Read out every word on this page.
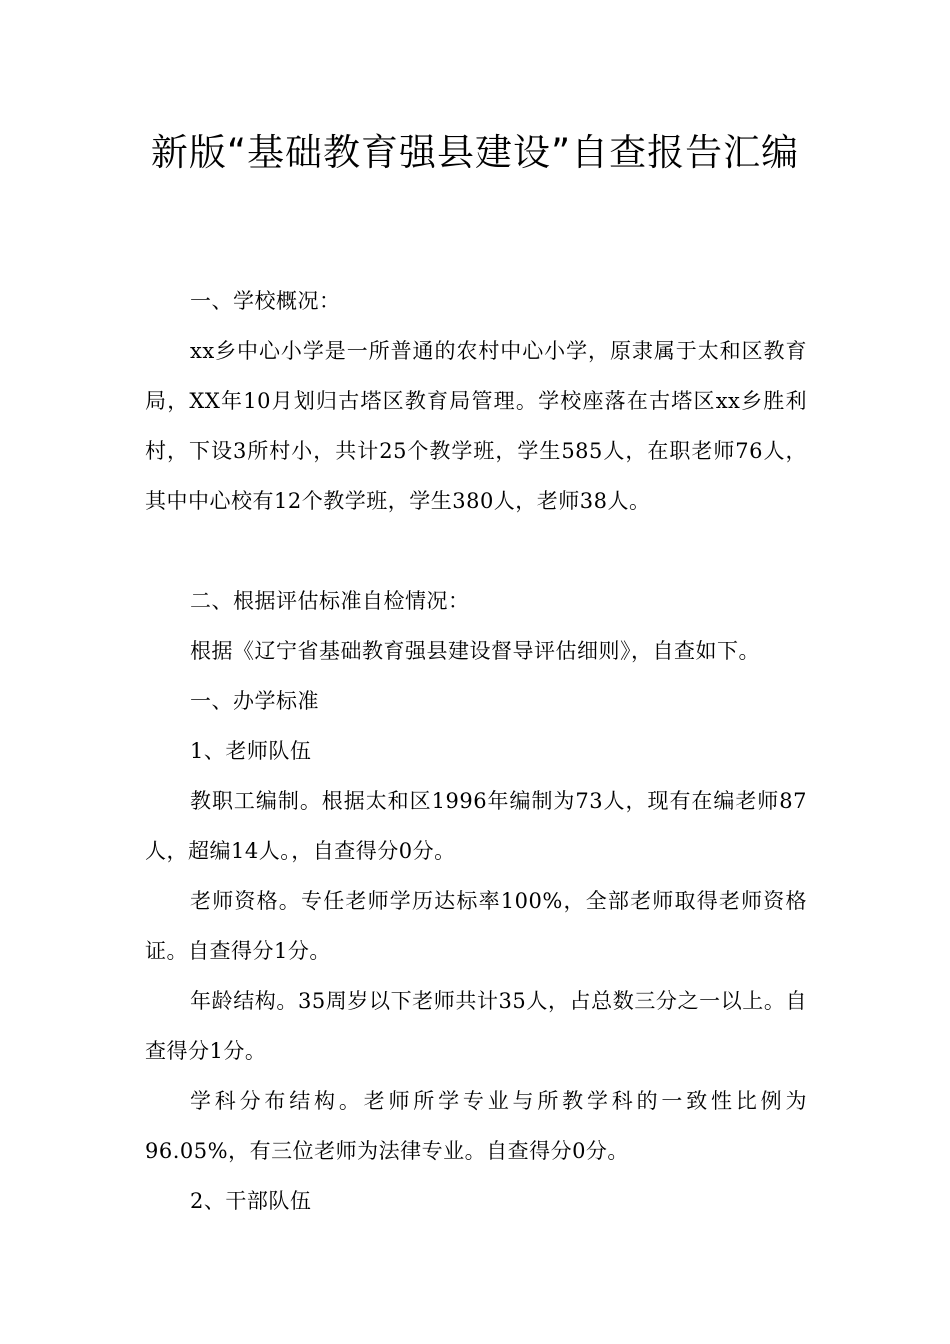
新版“基础教育强县建设”自查报告汇编

一、学校概况：

xx乡中心小学是一所普通的农村中心小学，原隶属于太和区教育局，XX年10月划归古塔区教育局管理。学校座落在古塔区xx乡胜利村，下设3所村小，共计25个教学班，学生585人，在职老师76人，其中中心校有12个教学班，学生380人，老师38人。

二、根据评估标准自检情况：

根据《辽宁省基础教育强县建设督导评估细则》，自查如下。

一、办学标准

1、老师队伍

教职工编制。根据太和区1996年编制为73人，现有在编老师87人，超编14人。，自查得分0分。

老师资格。专任老师学历达标率100%，全部老师取得老师资格证。自查得分1分。

年龄结构。35周岁以下老师共计35人，占总数三分之一以上。自查得分1分。

学科分布结构。老师所学专业与所教学科的一致性比例为96.05%，有三位老师为法律专业。自查得分0分。

2、干部队伍
